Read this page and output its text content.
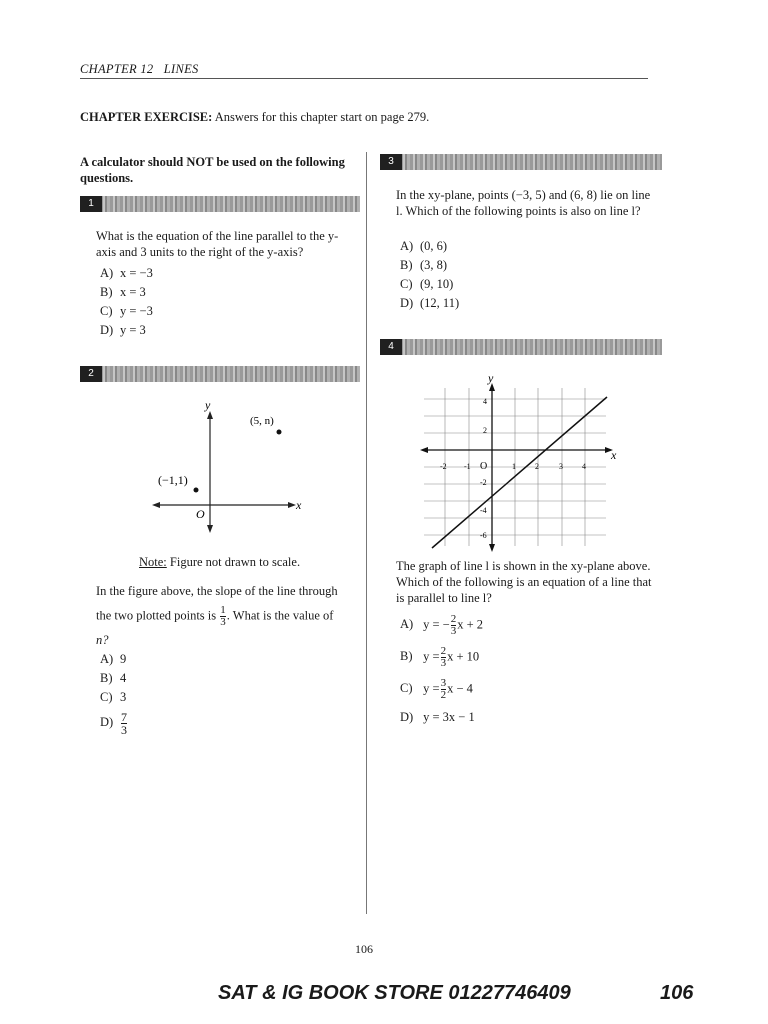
CHAPTER 12 LINES
CHAPTER EXERCISE: Answers for this chapter start on page 279.
A calculator should NOT be used on the following questions.
1
What is the equation of the line parallel to the y-axis and 3 units to the right of the y-axis?
A) x = −3
B) x = 3
C) y = −3
D) y = 3
2
y
x
O
(−1,1)
(5, n)
Note: Figure not drawn to scale.
In the figure above, the slope of the line through
the two plotted points is $\frac{1}{3}$ . What is the value of
n?
A) 9
B) 4
C) 3
$D) \frac{7}{3}$
3
In the xy-plane, points (−3, 5) and (6, 8) lie on line l. Which of the following points is also on line l?
A) (0, 6)
B) (3, 8)
C) (9, 10)
D) (12, 11)
4
y
x
O
-2 -1	1 2	3 4
4
2
-2
-4
-6
The graph of line l is shown in the xy-plane above. Which of the following is an equation of a line that is parallel to line l?
A) y = − $\frac{2}{3}$ x + 2
B) $y = \frac{2}{3}$ x + 10
C) $y = \frac{3}{2}$ x − 4
D) y = 3x − 1
106
SAT & IG BOOK STORE 01227746409	106
